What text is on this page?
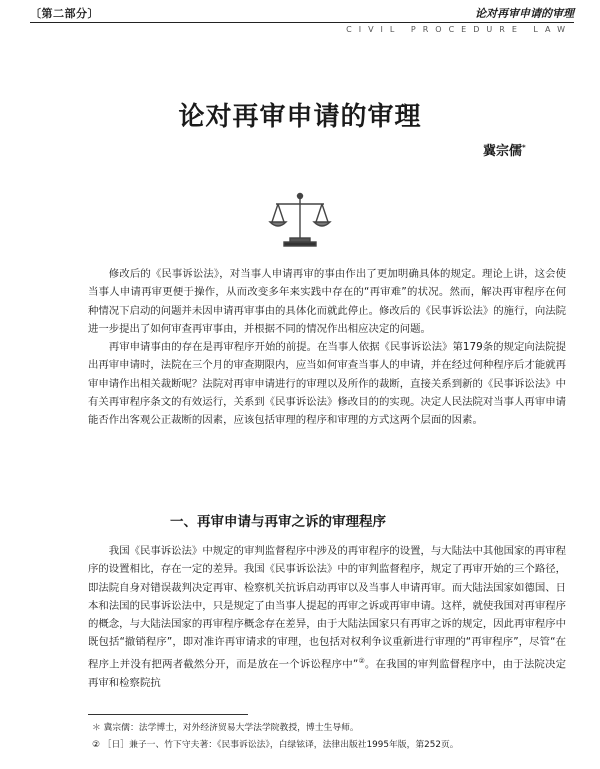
〔第二部分〕	论对再审申请的审理
CIVIL PROCEDURE LAW
论对再审申请的审理
冀宗儒*

修改后的《民事诉讼法》，对当事人申请再审的事由作出了更加明确具体的规定。理论上讲，这会使当事人申请再审更便于操作，从而改变多年来实践中存在的“再审难”的状况。然而，解决再审程序在何种情况下启动的问题并未因申请再审事由的具体化而就此停止。修改后的《民事诉讼法》的施行，向法院进一步提出了如何审查再审事由，并根据不同的情况作出相应决定的问题。

再审申请事由的存在是再审程序开始的前提。在当事人依据《民事诉讼法》第179条的规定向法院提出再审申请时，法院在三个月的审查期限内，应当如何审查当事人的申请，并在经过何种程序后才能就再审申请作出相关裁断呢？法院对再审申请进行的审理以及所作的裁断，直接关系到新的《民事诉讼法》中有关再审程序条文的有效运行，关系到《民事诉讼法》修改目的的实现。决定人民法院对当事人再审申请能否作出客观公正裁断的因素，应该包括审理的程序和审理的方式这两个层面的因素。

一、再审申请与再审之诉的审理程序

我国《民事诉讼法》中规定的审判监督程序中涉及的再审程序的设置，与大陆法中其他国家的再审程序的设置相比，存在一定的差异。我国《民事诉讼法》中的审判监督程序，规定了再审开始的三个路径，即法院自身对错误裁判决定再审、检察机关抗诉启动再审以及当事人申请再审。而大陆法国家如德国、日本和法国的民事诉讼法中，只是规定了由当事人提起的再审之诉或再审申请。这样，就使我国对再审程序的概念，与大陆法国家的再审程序概念存在差异，由于大陆法国家只有再审之诉的规定，因此再审程序中既包括“撤销程序”，即对准许再审请求的审理，也包括对权利争议重新进行审理的“再审程序”，尽管“在程序上并没有把两者截然分开，而是放在一个诉讼程序中”②。在我国的审判监督程序中，由于法院决定再审和检察院抗

＊ 冀宗儒：法学博士，对外经济贸易大学法学院教授，博士生导师。
② ［日］兼子一、竹下守夫著：《民事诉讼法》，白绿铉译，法律出版社1995年版，第252页。
